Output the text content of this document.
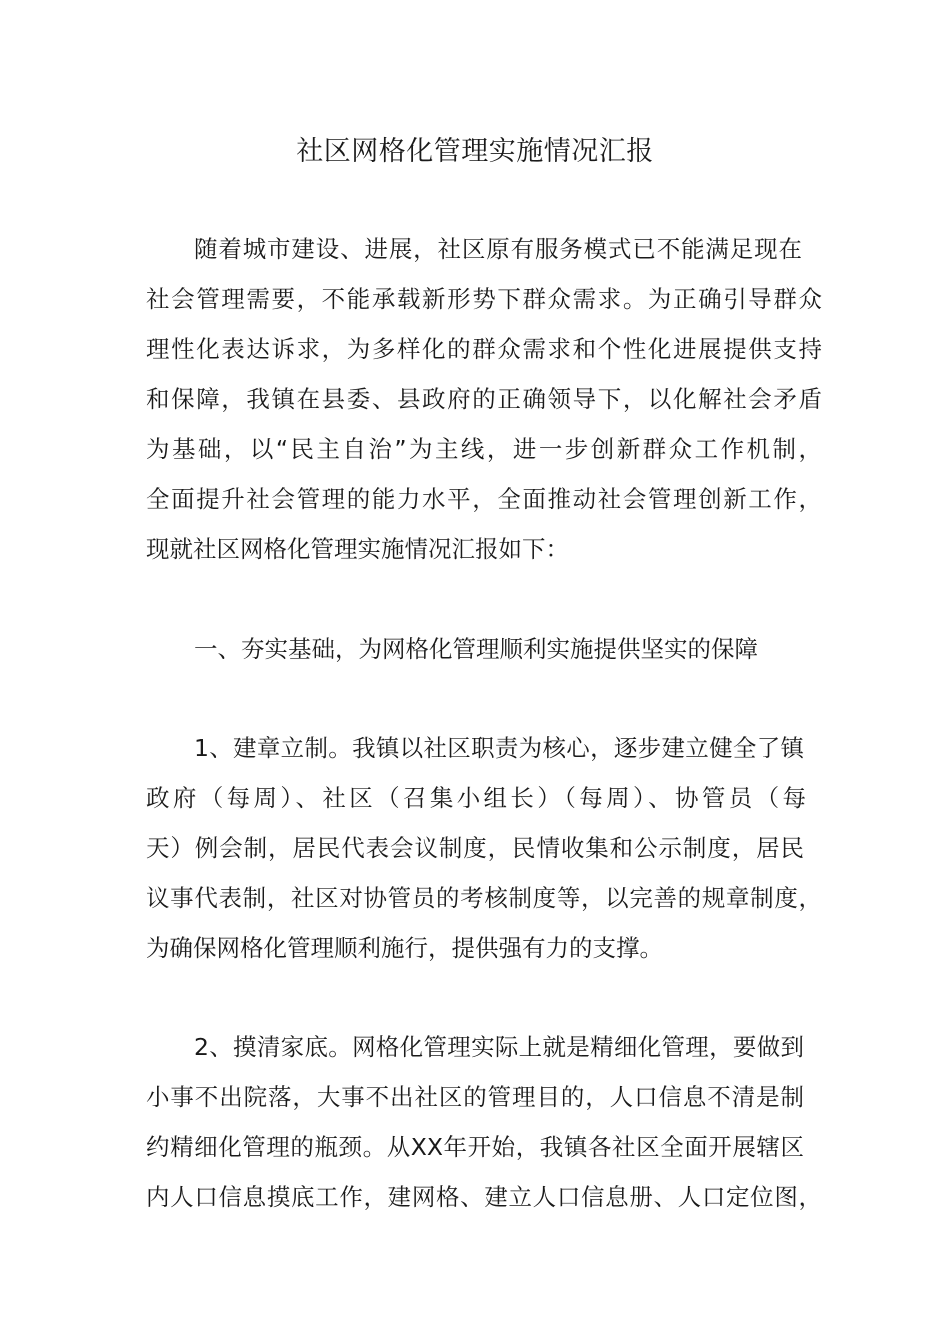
社区网格化管理实施情况汇报
随着城市建设、进展，社区原有服务模式已不能满足现在
社会管理需要，不能承载新形势下群众需求。为正确引导群众
理性化表达诉求，为多样化的群众需求和个性化进展提供支持
和保障，我镇在县委、县政府的正确领导下，以化解社会矛盾
为基础，以“民主自治”为主线，进一步创新群众工作机制，
全面提升社会管理的能力水平，全面推动社会管理创新工作，
现就社区网格化管理实施情况汇报如下：
一、夯实基础，为网格化管理顺利实施提供坚实的保障
1、建章立制。我镇以社区职责为核心，逐步建立健全了镇
政府（每周）、社区（召集小组长）（每周）、协管员（每
天）例会制，居民代表会议制度，民情收集和公示制度，居民
议事代表制，社区对协管员的考核制度等，以完善的规章制度，
为确保网格化管理顺利施行，提供强有力的支撑。
2、摸清家底。网格化管理实际上就是精细化管理，要做到
小事不出院落，大事不出社区的管理目的，人口信息不清是制
约精细化管理的瓶颈。从XX年开始，我镇各社区全面开展辖区
内人口信息摸底工作，建网格、建立人口信息册、人口定位图，
